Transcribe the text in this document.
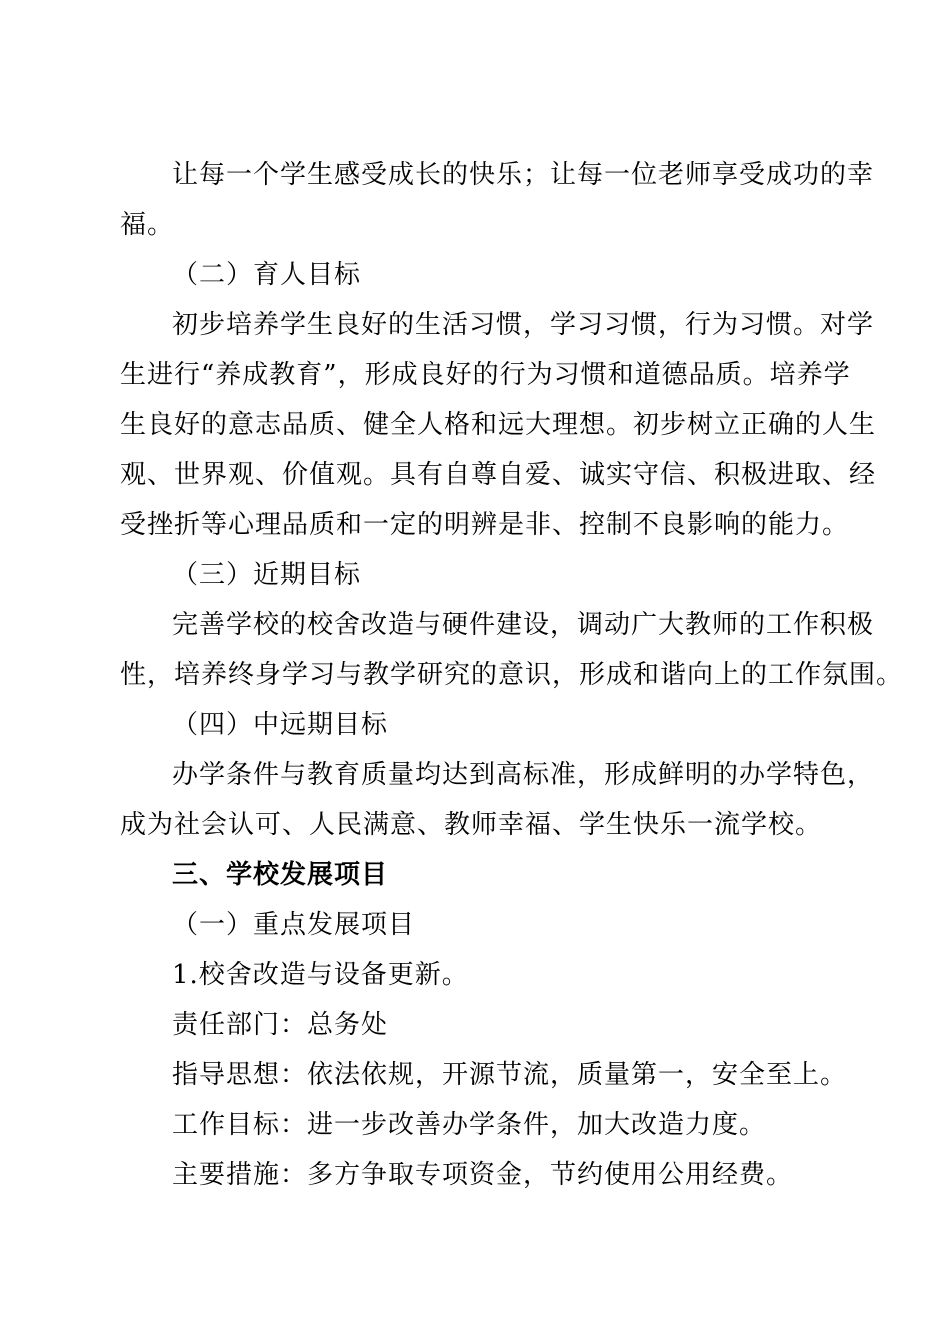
让每一个学生感受成长的快乐；让每一位老师享受成功的幸
福。
（二）育人目标
初步培养学生良好的生活习惯，学习习惯，行为习惯。对学
生进行“养成教育”，形成良好的行为习惯和道德品质。培养学
生良好的意志品质、健全人格和远大理想。初步树立正确的人生
观、世界观、价值观。具有自尊自爱、诚实守信、积极进取、经
受挫折等心理品质和一定的明辨是非、控制不良影响的能力。
（三）近期目标
完善学校的校舍改造与硬件建设，调动广大教师的工作积极
性，培养终身学习与教学研究的意识，形成和谐向上的工作氛围。
（四）中远期目标
办学条件与教育质量均达到高标准，形成鲜明的办学特色，
成为社会认可、人民满意、教师幸福、学生快乐一流学校。
三、学校发展项目
（一）重点发展项目
1.校舍改造与设备更新。
责任部门：总务处
指导思想：依法依规，开源节流，质量第一，安全至上。
工作目标：进一步改善办学条件，加大改造力度。
主要措施：多方争取专项资金，节约使用公用经费。
